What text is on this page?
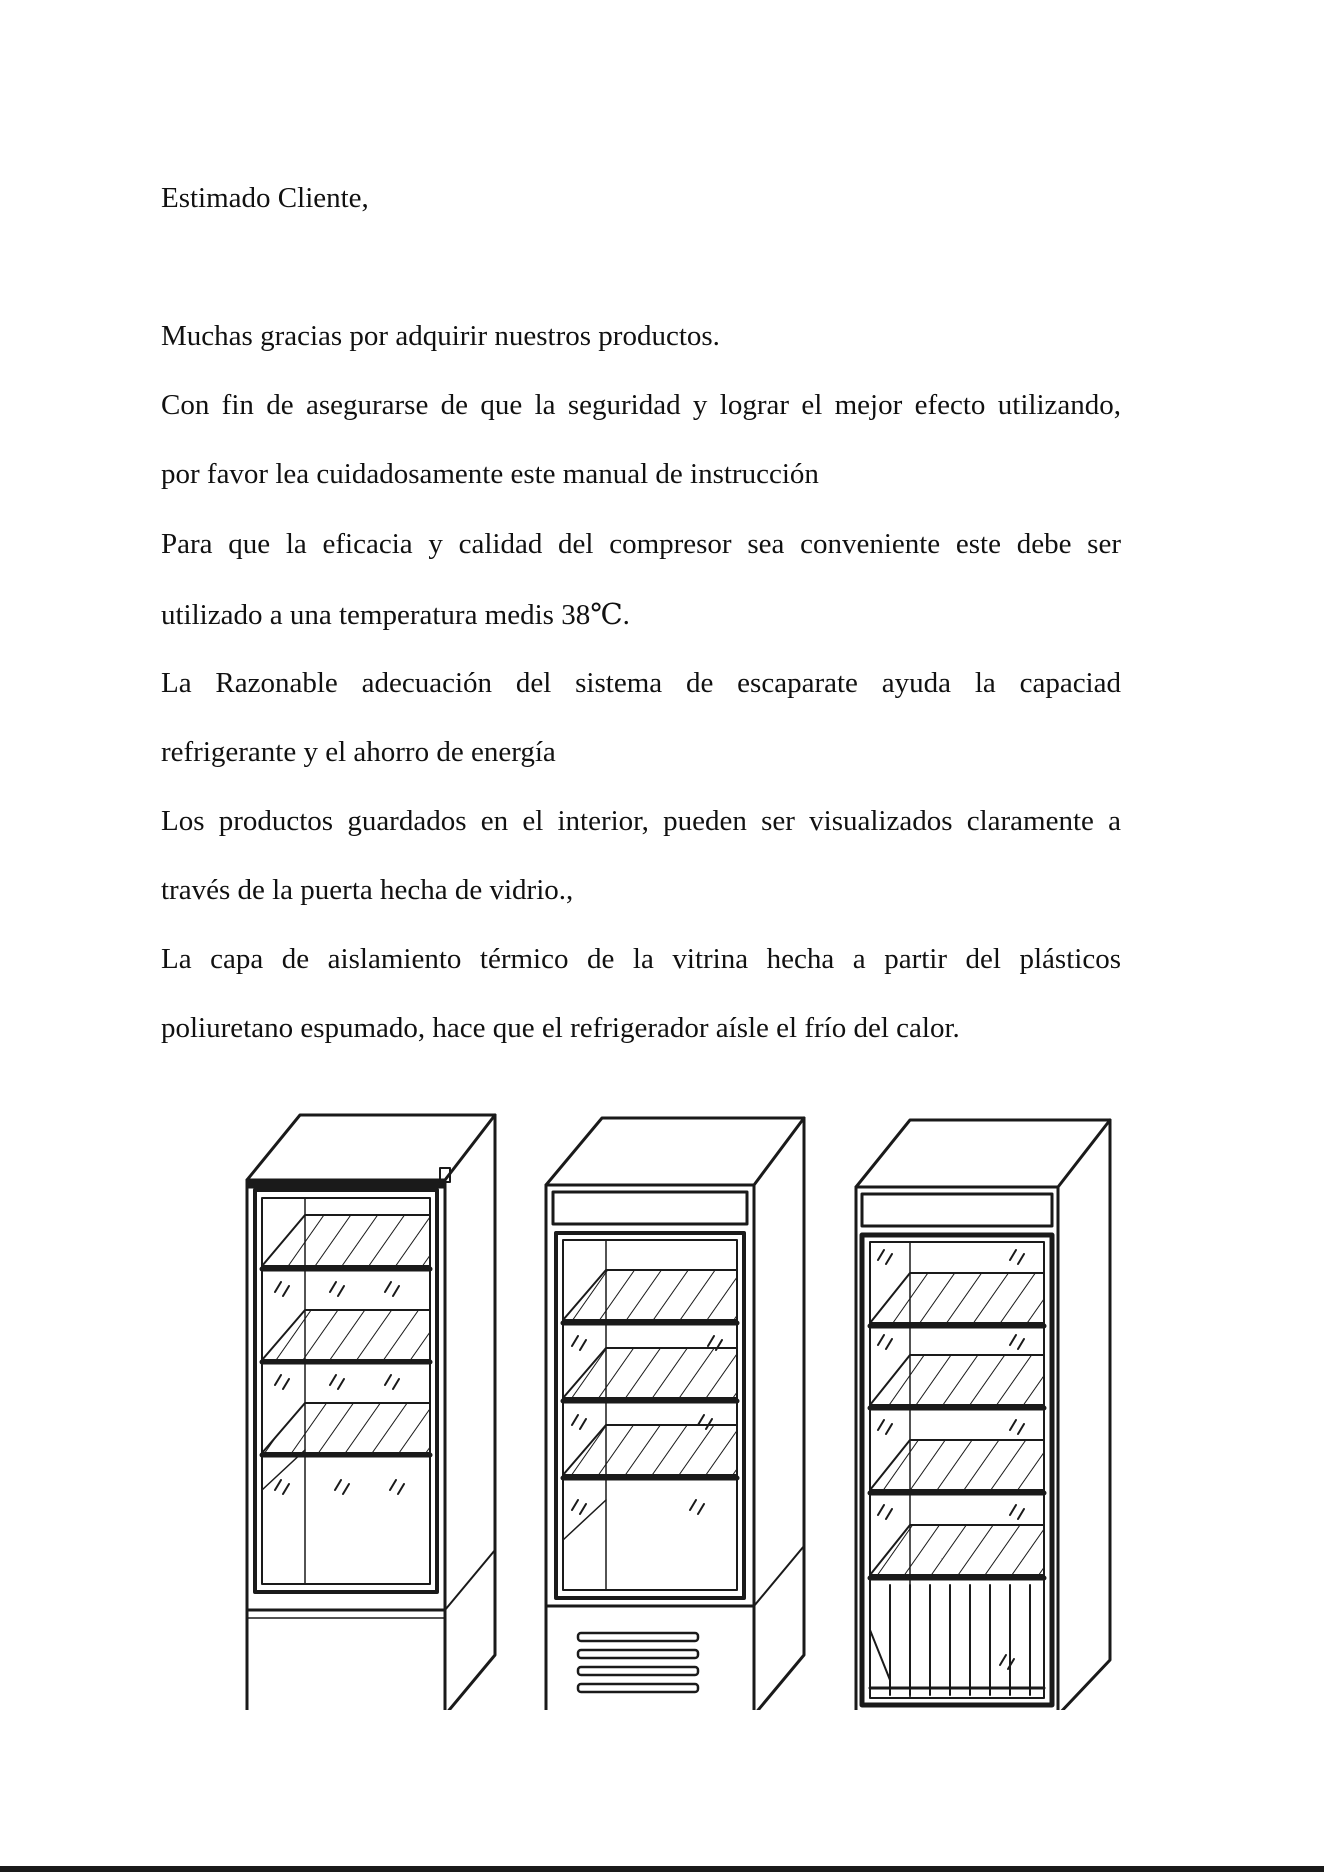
Estimado Cliente,

Muchas gracias por adquirir nuestros productos.

Con fin de asegurarse de que la seguridad y lograr el mejor efecto utilizando,

por favor lea cuidadosamente este manual de instrucción

Para que la eficacia y calidad del compresor sea conveniente este debe ser

utilizado a una temperatura medis 38℃.

La Razonable adecuación del sistema de escaparate ayuda la capaciad

refrigerante y el ahorro de energía

Los productos guardados en el interior, pueden ser visualizados claramente a

través de la puerta hecha de vidrio.,

La capa de aislamiento térmico de la vitrina hecha a partir del plásticos

poliuretano espumado, hace que el refrigerador aísle el frío del calor.
